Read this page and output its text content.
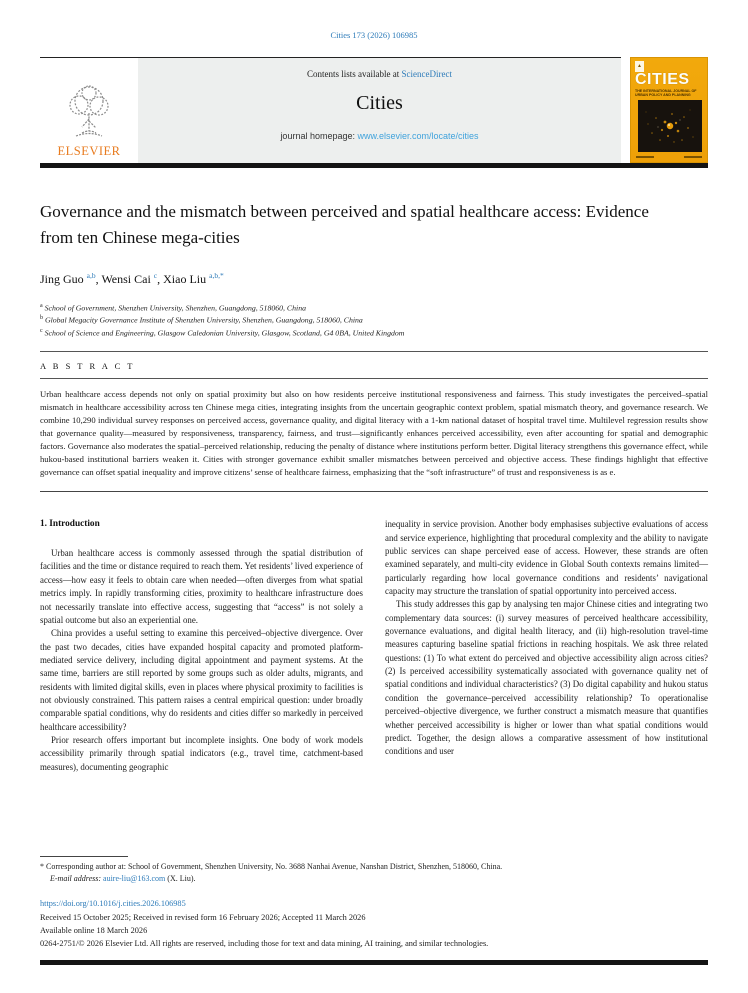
Cities 173 (2026) 106985
ELSEVIER
Contents lists available at ScienceDirect
Cities
journal homepage: www.elsevier.com/locate/cities
▲
CITIES
THE INTERNATIONAL JOURNAL OF URBAN POLICY AND PLANNING
Governance and the mismatch between perceived and spatial healthcare access: Evidence from ten Chinese mega-cities
Jing Guo $^{a,b}$, Wensi Cai $^c$, Xiao Liu $^{a,b,*}$
$^a$ School of Government, Shenzhen University, Shenzhen, Guangdong, 518060, China
$^b$ Global Megacity Governance Institute of Shenzhen University, Shenzhen, Guangdong, 518060, China
$^c$ School of Science and Engineering, Glasgow Caledonian University, Glasgow, Scotland, G4 0BA, United Kingdom
A B S T R A C T
Urban healthcare access depends not only on spatial proximity but also on how residents perceive institutional responsiveness and fairness. This study investigates the perceived–spatial mismatch in healthcare accessibility across ten Chinese mega cities, integrating insights from the uncertain geographic context problem, spatial mismatch theory, and governance research. We combine 10,290 individual survey responses on perceived access, governance quality, and digital literacy with a 1-km national dataset of hospital travel time. Multilevel regression results show that governance quality—measured by responsiveness, transparency, fairness, and trust—significantly enhances perceived accessibility, even after accounting for spatial and demographic factors. Governance also moderates the spatial–perceived relationship, reducing the penalty of distance where institutions perform better. Digital literacy strengthens this governance effect, while hukou-based institutional barriers weaken it. Cities with stronger governance exhibit smaller mismatches between perceived and objective access. These findings highlight that effective governance can offset spatial inequality and improve citizens’ sense of healthcare fairness, emphasizing that the “soft infrastructure” of trust and responsiveness is as e.
1. Introduction

Urban healthcare access is commonly assessed through the spatial distribution of facilities and the time or distance required to reach them. Yet residents’ lived experience of access—how easy it feels to obtain care when needed—often diverges from what spatial metrics imply. In rapidly transforming cities, proximity to healthcare infrastructure does not necessarily translate into effective access, suggesting that “access” is not solely a spatial outcome but also an experiential one.

China provides a useful setting to examine this perceived–objective divergence. Over the past two decades, cities have expanded hospital capacity and promoted platform-mediated service delivery, including digital appointment and payment systems. At the same time, barriers are still reported by some groups such as older adults, migrants, and residents with limited digital skills, even in places where physical proximity to facilities is not obviously constrained. This pattern raises a central empirical question: under broadly comparable spatial conditions, why do residents and cities differ so markedly in perceived healthcare accessibility?

Prior research offers important but incomplete insights. One body of work models accessibility primarily through spatial indicators (e.g., travel time, catchment-based measures), documenting geographic

inequality in service provision. Another body emphasises subjective evaluations of access and service experience, highlighting that procedural complexity and the ability to navigate public services can shape perceived ease of access. However, these strands are often examined separately, and multi-city evidence in Global South contexts remains limited—particularly regarding how local governance conditions and residents’ navigational capacity may structure the translation of spatial opportunity into perceived access.

This study addresses this gap by analysing ten major Chinese cities and integrating two complementary data sources: (i) survey measures of perceived healthcare accessibility, governance evaluations, and digital health literacy, and (ii) high-resolution travel-time measures capturing baseline spatial frictions in reaching hospitals. We ask three related questions: (1) To what extent do perceived and objective accessibility align across cities? (2) Is perceived accessibility systematically associated with governance quality net of spatial conditions and individual characteristics? (3) Do digital capability and hukou status condition the governance–perceived accessibility relationship? To operationalise perceived–objective divergence, we further construct a mismatch measure that quantifies whether perceived accessibility is higher or lower than what spatial conditions would predict. Together, the design allows a comparative assessment of how institutional conditions and user

* Corresponding author at: School of Government, Shenzhen University, No. 3688 Nanhai Avenue, Nanshan District, Shenzhen, 518060, China.
E-mail address: auire-liu@163.com (X. Liu).
https://doi.org/10.1016/j.cities.2026.106985
Received 15 October 2025; Received in revised form 16 February 2026; Accepted 11 March 2026
Available online 18 March 2026
0264-2751/© 2026 Elsevier Ltd. All rights are reserved, including those for text and data mining, AI training, and similar technologies.
